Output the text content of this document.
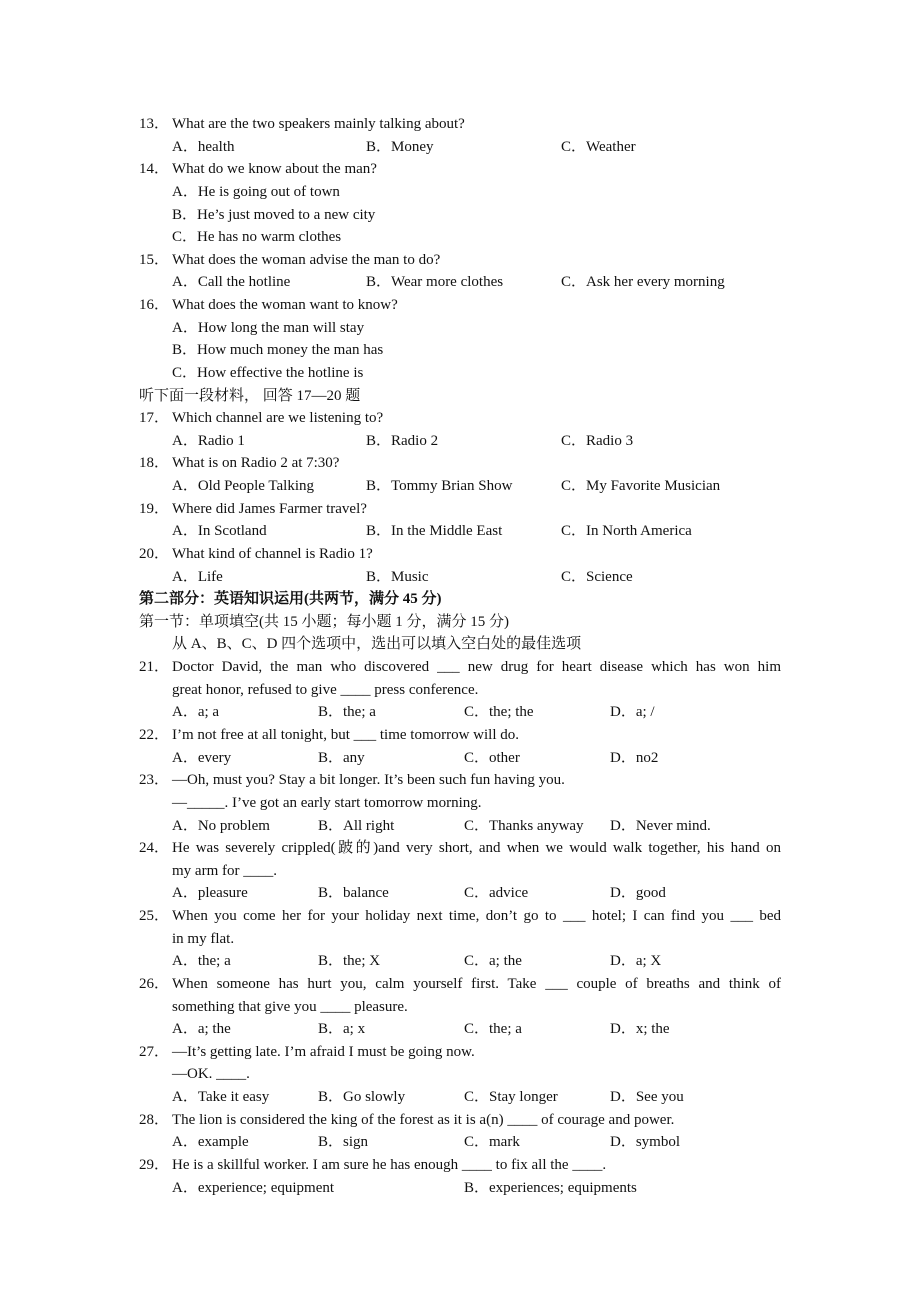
13． What are the two speakers mainly talking about?
A．health	B．Money	C．Weather
14． What do we know about the man?
A．He is going out of town
B．He’s just moved to a new city
C．He has no warm clothes
15． What does the woman advise the man to do?
A．Call the hotline	B．Wear more clothes	C．Ask her every morning
16． What does the woman want to know?
A．How long the man will stay
B．How much money the man has
C．How effective the hotline is
听下面一段材料， 回答 17—20 题
17． Which channel are we listening to?
A．Radio 1	B．Radio 2	C．Radio 3
18． What is on Radio 2 at 7:30?
A．Old People Talking	B．Tommy Brian Show	C．My Favorite Musician
19． Where did James Farmer travel?
A．In Scotland	B．In the Middle East	C．In North America
20． What kind of channel is Radio 1?
A．Life	B．Music	C．Science
第二部分：英语知识运用(共两节，满分 45 分)
第一节：单项填空(共 15 小题；每小题 1 分，满分 15 分)
从 A、B、C、D 四个选项中，选出可以填入空白处的最佳选项
21． Doctor David, the man who discovered ___ new drug for heart disease which has won him
great honor, refused to give ____ press conference.
A．a; a	B．the; a	C．the; the	D．a; /
22． I’m not free at all tonight, but ___ time tomorrow will do.
A．every	B．any	C．other	D．no2
23． —Oh, must you? Stay a bit longer. It’s been such fun having you.
—_____. I’ve got an early start tomorrow morning.
A．No problem	B．All right	C．Thanks anyway D．Never mind.
24． He was severely crippled(跛的)and very short, and when we would walk together, his hand on
my arm for ____.
A．pleasure	B．balance	C．advice	D．good
25． When you come her for your holiday next time, don’t go to ___ hotel; I can find you ___ bed
in my flat.
A．the; a	B．the; X	C．a; the	D．a; X
26． When someone has hurt you, calm yourself first. Take ___ couple of breaths and think of
something that give you ____ pleasure.
A．a; the	B．a; x	C．the; a	D．x; the
27． —It’s getting late. I’m afraid I must be going now.
—OK. ____.
A．Take it easy	B．Go slowly	C．Stay longer	D．See you
28． The lion is considered the king of the forest as it is a(n) ____ of courage and power.
A．example	B．sign	C．mark	D．symbol
29． He is a skillful worker. I am sure he has enough ____ to fix all the ____.
A．experience; equipment	B．experiences; equipments
